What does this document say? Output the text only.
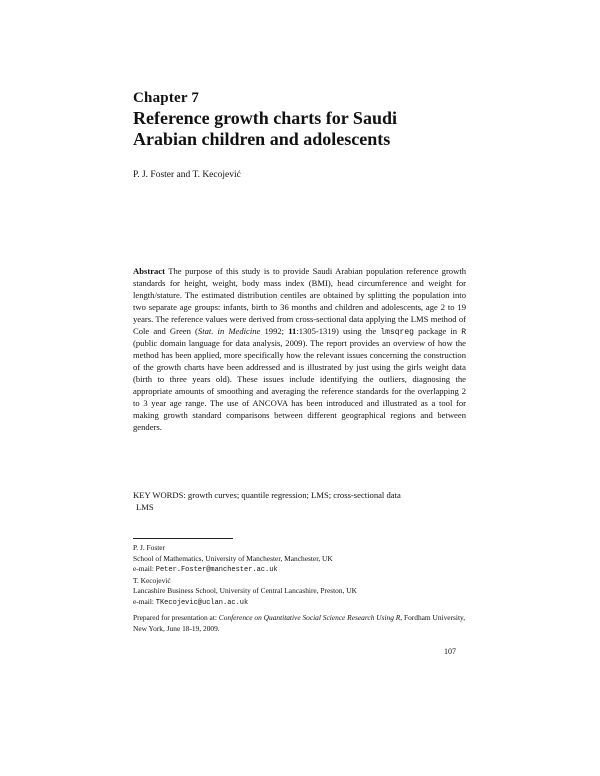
Chapter 7
Reference growth charts for Saudi
Arabian children and adolescents
P. J. Foster and T. Kecojević
Abstract The purpose of this study is to provide Saudi Arabian population reference growth standards for height, weight, body mass index (BMI), head circumference and weight for length/stature. The estimated distribution centiles are obtained by splitting the population into two separate age groups: infants, birth to 36 months and children and adolescents, age 2 to 19 years. The reference values were derived from cross-sectional data applying the LMS method of Cole and Green (Stat. in Medicine 1992; 11:1305-1319) using the lmsqreg package in R (public domain language for data analysis, 2009). The report provides an overview of how the method has been applied, more specifically how the relevant issues concerning the construction of the growth charts have been addressed and is illustrated by just using the girls weight data (birth to three years old). These issues include identifying the outliers, diagnosing the appropriate amounts of smoothing and averaging the reference standards for the overlapping 2 to 3 year age range. The use of ANCOVA has been introduced and illustrated as a tool for making growth standard comparisons between different geographical regions and between genders.
KEY WORDS: growth curves; quantile regression; LMS; cross-sectional data
LMS
P. J. Foster
School of Mathematics, University of Manchester, Manchester, UK
e-mail: Peter.Foster@manchester.ac.uk
T. Kecojević
Lancashire Business School, University of Central Lancashire, Preston, UK
e-mail: TKecojevic@uclan.ac.uk
Prepared for presentation at: Conference on Quantitative Social Science Research Using R, Fordham University, New York, June 18-19, 2009.
107
